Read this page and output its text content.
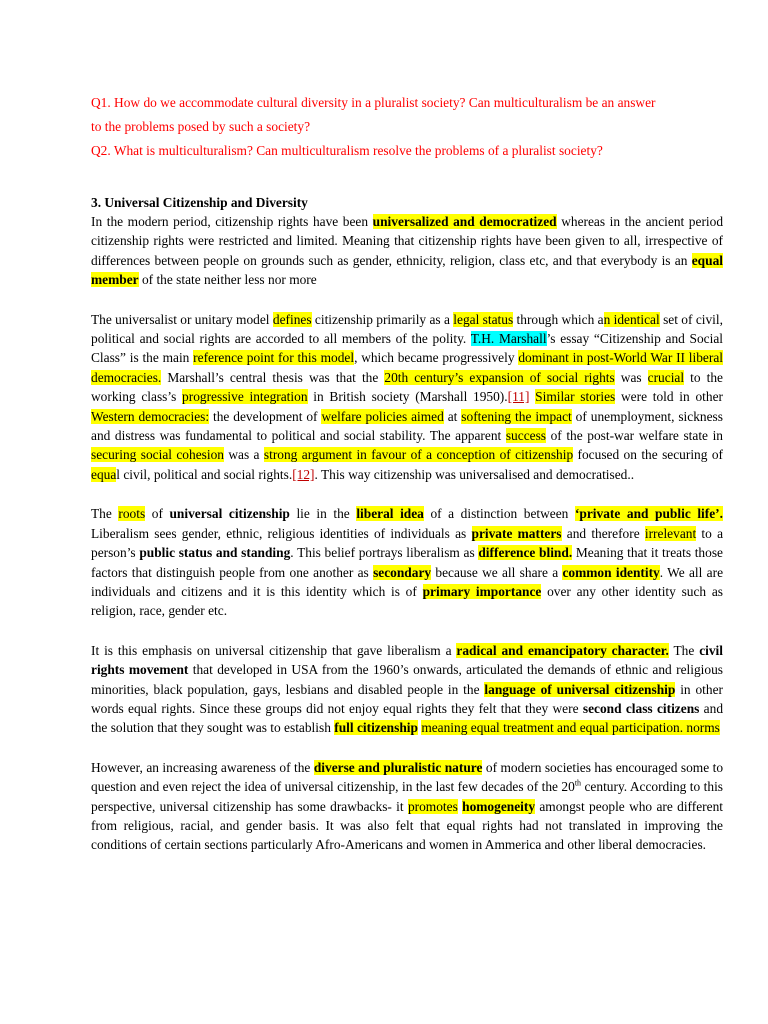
Q1. How do we accommodate cultural diversity in a pluralist society? Can multiculturalism be an answer

to the problems posed by such a society?

Q2. What is multiculturalism? Can multiculturalism resolve the problems of a pluralist society?

3. Universal Citizenship and Diversity

In the modern period, citizenship rights have been universalized and democratized whereas in the ancient period citizenship rights were restricted and limited. Meaning that citizenship rights have been given to all, irrespective of differences between people on grounds such as gender, ethnicity, religion, class etc, and that everybody is an equal member of the state neither less nor more

The universalist or unitary model defines citizenship primarily as a legal status through which an identical set of civil, political and social rights are accorded to all members of the polity. T.H. Marshall’s essay “Citizenship and Social Class” is the main reference point for this model, which became progressively dominant in post-World War II liberal democracies. Marshall’s central thesis was that the 20th century’s expansion of social rights was crucial to the working class’s progressive integration in British society (Marshall 1950).[11] Similar stories were told in other Western democracies: the development of welfare policies aimed at softening the impact of unemployment, sickness and distress was fundamental to political and social stability. The apparent success of the post-war welfare state in securing social cohesion was a strong argument in favour of a conception of citizenship focused on the securing of equal civil, political and social rights.[12]. This way citizenship was universalised and democratised..

The roots of universal citizenship lie in the liberal idea of a distinction between ‘private and public life’. Liberalism sees gender, ethnic, religious identities of individuals as private matters and therefore irrelevant to a person’s public status and standing. This belief portrays liberalism as difference blind. Meaning that it treats those factors that distinguish people from one another as secondary because we all share a common identity. We all are individuals and citizens and it is this identity which is of primary importance over any other identity such as religion, race, gender etc.

It is this emphasis on universal citizenship that gave liberalism a radical and emancipatory character. The civil rights movement that developed in USA from the 1960’s onwards, articulated the demands of ethnic and religious minorities, black population, gays, lesbians and disabled people in the language of universal citizenship in other words equal rights. Since these groups did not enjoy equal rights they felt that they were second class citizens and the solution that they sought was to establish full citizenship meaning equal treatment and equal participation. norms

However, an increasing awareness of the diverse and pluralistic nature of modern societies has encouraged some to question and even reject the idea of universal citizenship, in the last few decades of the 20th century. According to this perspective, universal citizenship has some drawbacks- it promotes homogeneity amongst people who are different from religious, racial, and gender basis. It was also felt that equal rights had not translated in improving the conditions of certain sections particularly Afro-Americans and women in Ammerica and other liberal democracies.
